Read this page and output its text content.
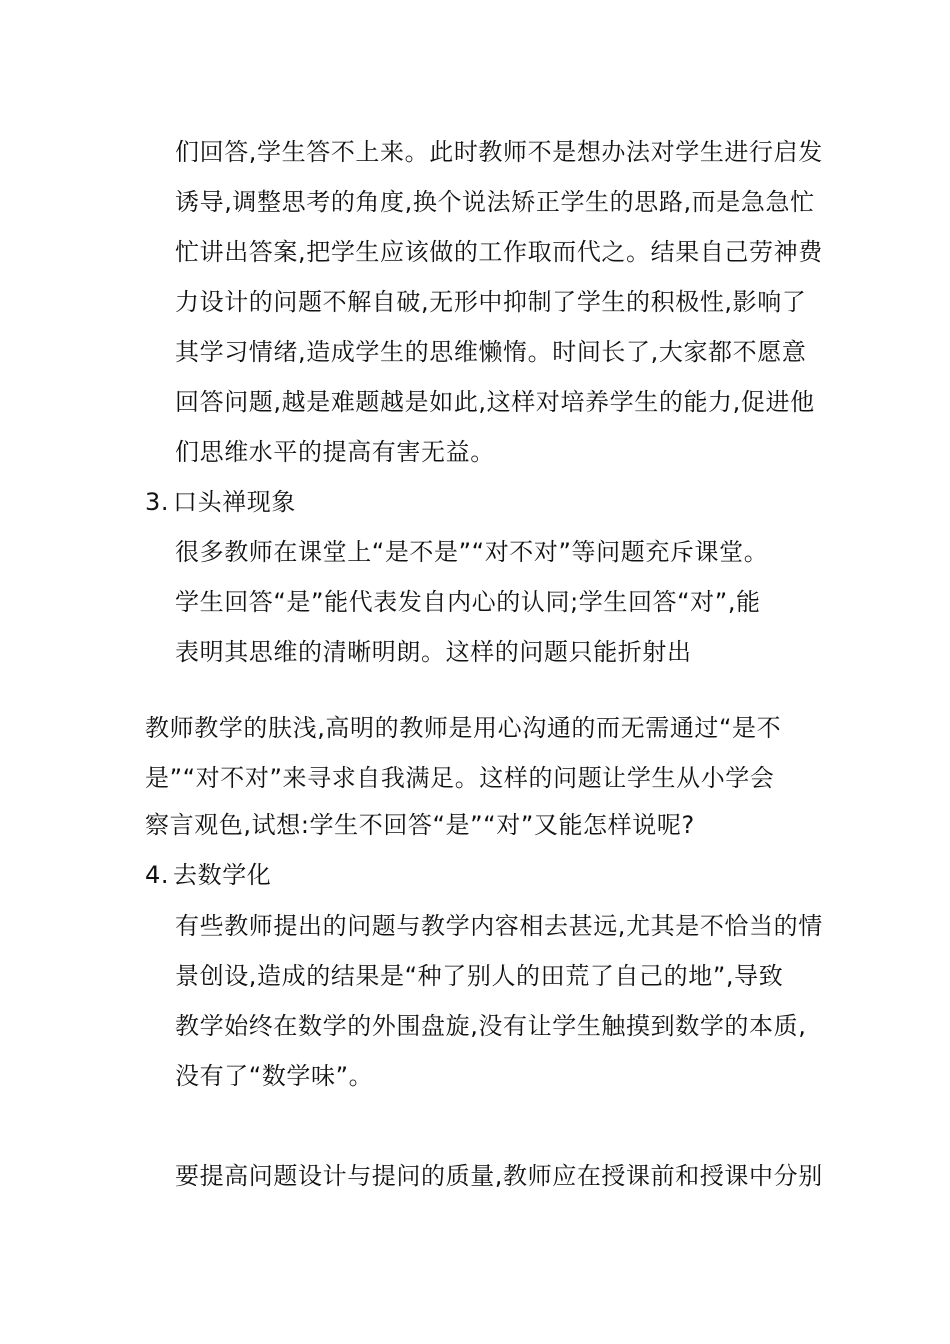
们回答,学生答不上来。此时教师不是想办法对学生进行启发
诱导,调整思考的角度,换个说法矫正学生的思路,而是急急忙
忙讲出答案,把学生应该做的工作取而代之。结果自己劳神费
力设计的问题不解自破,无形中抑制了学生的积极性,影响了
其学习情绪,造成学生的思维懒惰。时间长了,大家都不愿意
回答问题,越是难题越是如此,这样对培养学生的能力,促进他
们思维水平的提高有害无益。
3. 口头禅现象
很多教师在课堂上“是不是”“对不对”等问题充斥课堂。
学生回答“是”能代表发自内心的认同;学生回答“对”,能
表明其思维的清晰明朗。这样的问题只能折射出
教师教学的肤浅,高明的教师是用心沟通的而无需通过“是不
是”“对不对”来寻求自我满足。这样的问题让学生从小学会
察言观色,试想:学生不回答“是”“对”又能怎样说呢?
4. 去数学化
有些教师提出的问题与教学内容相去甚远,尤其是不恰当的情
景创设,造成的结果是“种了别人的田荒了自己的地”,导致
教学始终在数学的外围盘旋,没有让学生触摸到数学的本质,
没有了“数学味”。
要提高问题设计与提问的质量,教师应在授课前和授课中分别
